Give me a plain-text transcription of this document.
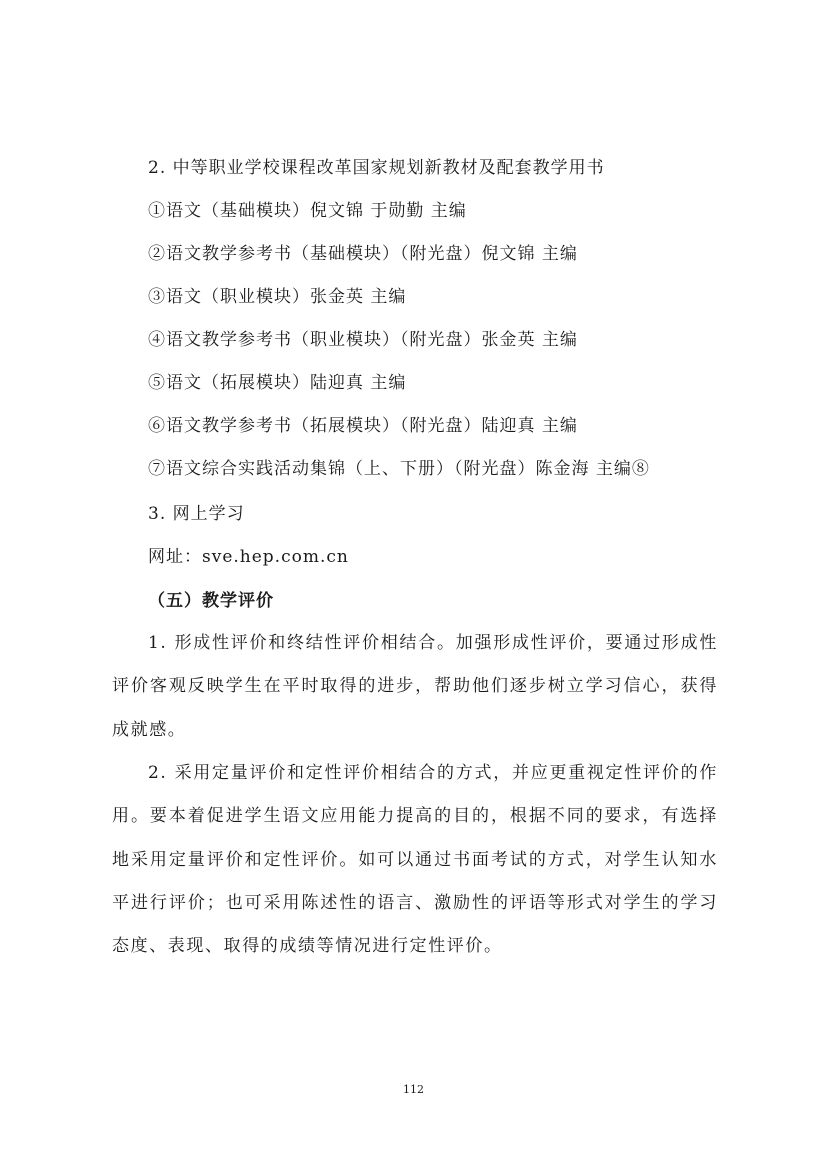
2. 中等职业学校课程改革国家规划新教材及配套教学用书
①语文（基础模块）倪文锦 于勋勤 主编
②语文教学参考书（基础模块）（附光盘）倪文锦 主编
③语文（职业模块）张金英 主编
④语文教学参考书（职业模块）（附光盘）张金英 主编
⑤语文（拓展模块）陆迎真 主编
⑥语文教学参考书（拓展模块）（附光盘）陆迎真 主编
⑦语文综合实践活动集锦（上、下册）（附光盘）陈金海 主编⑧
3. 网上学习
网址：sve.hep.com.cn
（五）教学评价
1. 形成性评价和终结性评价相结合。加强形成性评价，要通过形成性评价客观反映学生在平时取得的进步，帮助他们逐步树立学习信心，获得成就感。
2. 采用定量评价和定性评价相结合的方式，并应更重视定性评价的作用。要本着促进学生语文应用能力提高的目的，根据不同的要求，有选择地采用定量评价和定性评价。如可以通过书面考试的方式，对学生认知水平进行评价；也可采用陈述性的语言、激励性的评语等形式对学生的学习态度、表现、取得的成绩等情况进行定性评价。
112
